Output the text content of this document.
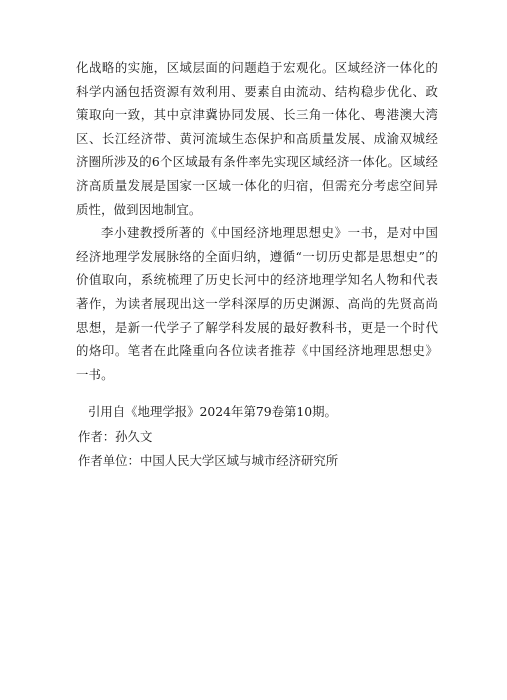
化战略的实施，区域层面的问题趋于宏观化。区域经济一体化的科学内涵包括资源有效利用、要素自由流动、结构稳步优化、政策取向一致，其中京津冀协同发展、长三角一体化、粤港澳大湾区、长江经济带、黄河流域生态保护和高质量发展、成渝双城经济圈所涉及的6个区域最有条件率先实现区域经济一体化。区域经济高质量发展是国家一区域一体化的归宿，但需充分考虑空间异质性，做到因地制宜。

李小建教授所著的《中国经济地理思想史》一书，是对中国经济地理学发展脉络的全面归纳，遵循“一切历史都是思想史”的价值取向，系统梳理了历史长河中的经济地理学知名人物和代表著作，为读者展现出这一学科深厚的历史渊源、高尚的先贤高尚思想，是新一代学子了解学科发展的最好教科书，更是一个时代的烙印。笔者在此隆重向各位读者推荐《中国经济地理思想史》一书。

引用自《地理学报》2024年第79卷第10期。

作者：孙久文

作者单位：中国人民大学区域与城市经济研究所
